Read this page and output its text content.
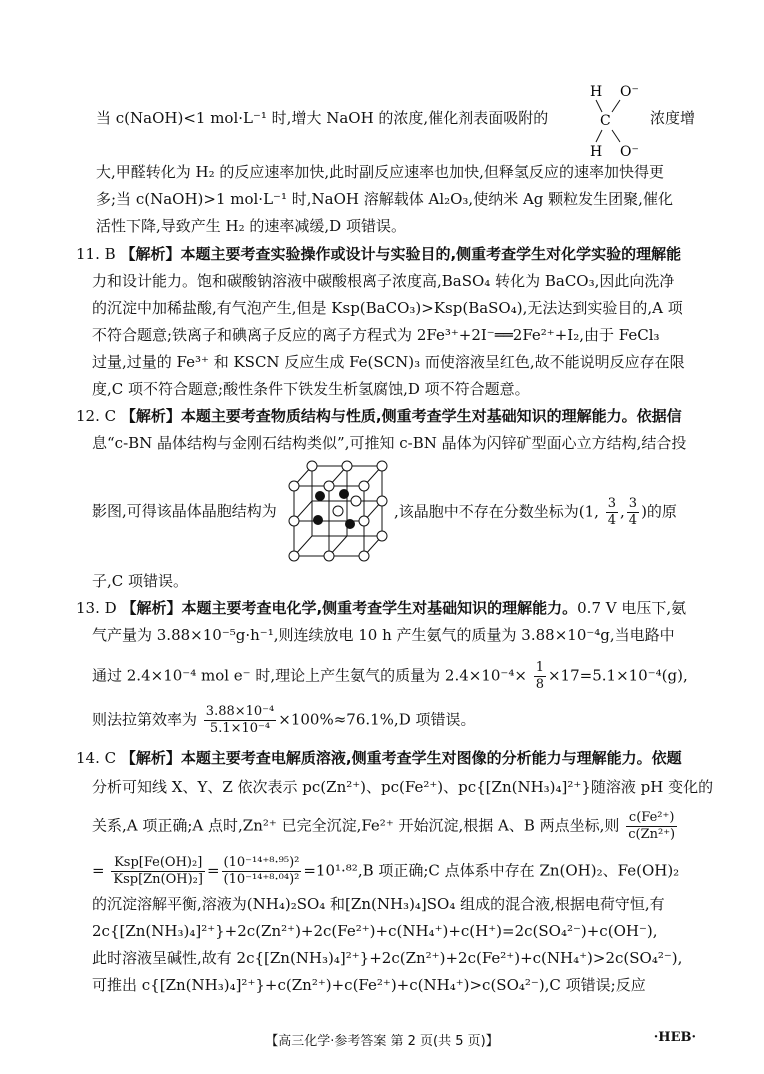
当 c(NaOH)<1 mol·L⁻¹ 时,增大 NaOH 的浓度,催化剂表面吸附的	浓度增
H
H
C
O⁻
O⁻
大,甲醛转化为 H₂ 的反应速率加快,此时副反应速率也加快,但释氢反应的速率加快得更
多;当 c(NaOH)>1 mol·L⁻¹ 时,NaOH 溶解载体 Al₂O₃,使纳米 Ag 颗粒发生团聚,催化
活性下降,导致产生 H₂ 的速率减缓,D 项错误。
11. B 【解析】本题主要考查实验操作或设计与实验目的,侧重考查学生对化学实验的理解能
力和设计能力。饱和碳酸钠溶液中碳酸根离子浓度高,BaSO₄ 转化为 BaCO₃,因此向洗净
的沉淀中加稀盐酸,有气泡产生,但是 Ksp(BaCO₃)>Ksp(BaSO₄),无法达到实验目的,A 项
不符合题意;铁离子和碘离子反应的离子方程式为 2Fe³⁺+2I⁻══2Fe²⁺+I₂,由于 FeCl₃
过量,过量的 Fe³⁺ 和 KSCN 反应生成 Fe(SCN)₃ 而使溶液呈红色,故不能说明反应存在限
度,C 项不符合题意;酸性条件下铁发生析氢腐蚀,D 项不符合题意。
12. C 【解析】本题主要考查物质结构与性质,侧重考查学生对基础知识的理解能力。依据信
息“c-BN 晶体结构与金刚石结构类似”,可推知 c-BN 晶体为闪锌矿型面心立方结构,结合投
影图,可得该晶体晶胞结构为	,该晶胞中不存在分数坐标为(1, $\frac{3}{4}$ , $\frac{3}{4}$ )的原
子,C 项错误。
13. D 【解析】本题主要考查电化学,侧重考查学生对基础知识的理解能力。0.7 V 电压下,氨
气产量为 3.88×10⁻⁵g·h⁻¹,则连续放电 10 h 产生氨气的质量为 3.88×10⁻⁴g,当电路中
通过 2.4×10⁻⁴ mol e⁻ 时,理论上产生氨气的质量为 $2.4\times 10^{-4}\times \frac{1}{8} \times 17=5.1\times 10^{-4}(g)$,
则法拉第效率为 $\frac{\text{3.88×10⁻⁴}}{\text{5.1×10⁻⁴}} \times 100\%\approx 76.1\%,D$ 项错误。
14. C 【解析】本题主要考查电解质溶液,侧重考查学生对图像的分析能力与理解能力。依题
分析可知线 X、Y、Z 依次表示 pc(Zn²⁺)、pc(Fe²⁺)、pc{[Zn(NH₃)₄]²⁺}随溶液 pH 变化的
关系,A 项正确;A 点时,Zn²⁺ 已完全沉淀,Fe²⁺ 开始沉淀,根据 A、B 两点坐标,则 $\frac{\text{c(Fe²⁺)}}{\text{c(Zn²⁺)}}$
= $\frac{\text{Ksp[Fe(OH)₂]}}{\text{Ksp[Zn(OH)₂]}} = \frac{\text{(10⁻¹⁴⁺⁸·⁹⁵)²}}{\text{(10⁻¹⁴⁺⁸·⁰⁴)²}} =10^1\cdot^{82},B$ 项正确;C 点体系中存在 Zn(OH)₂、Fe(OH)₂
的沉淀溶解平衡,溶液为(NH₄)₂SO₄ 和[Zn(NH₃)₄]SO₄ 组成的混合液,根据电荷守恒,有
2c{[Zn(NH₃)₄]²⁺}+2c(Zn²⁺)+2c(Fe²⁺)+c(NH₄⁺)+c(H⁺)=2c(SO₄²⁻)+c(OH⁻),
此时溶液呈碱性,故有 2c{[Zn(NH₃)₄]²⁺}+2c(Zn²⁺)+2c(Fe²⁺)+c(NH₄⁺)>2c(SO₄²⁻),
可推出 c{[Zn(NH₃)₄]²⁺}+c(Zn²⁺)+c(Fe²⁺)+c(NH₄⁺)>c(SO₄²⁻),C 项错误;反应
【高三化学·参考答案 第 2 页(共 5 页)】	·HEB·
